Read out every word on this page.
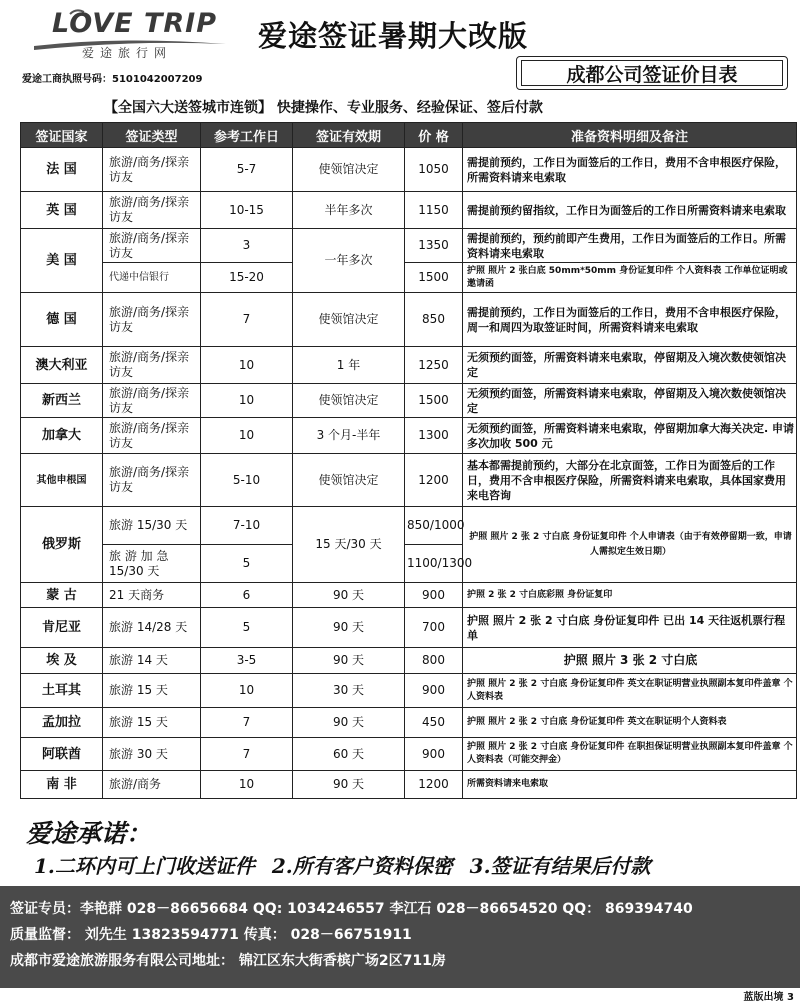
LOVE TRIP
爱途旅行网
爱途工商执照号码：5101042007209
爱途签证暑期大改版
成都公司签证价目表
【全国六大送签城市连锁】 快捷操作、专业服务、经验保证、签后付款
签证国家	签证类型	参考工作日	签证有效期	价 格	准备资料明细及备注
法 国	旅游/商务/探亲访友	5-7	使领馆决定	1050	需提前预约，工作日为面签后的工作日，费用不含申根医疗保险，所需资料请来电索取
英 国	旅游/商务/探亲访友	10-15	半年多次	1150	需提前预约留指纹，工作日为面签后的工作日所需资料请来电索取
美 国	旅游/商务/探亲访友	3	一年多次	1350	需提前预约，预约前即产生费用，工作日为面签后的工作日。所需资料请来电索取
	代递中信银行	15-20		1500	护照 照片 2 张白底 50mm*50mm 身份证复印件 个人资料表 工作单位证明或邀请函
德 国	旅游/商务/探亲访友	7	使领馆决定	850	需提前预约，工作日为面签后的工作日，费用不含申根医疗保险，周一和周四为取签证时间，所需资料请来电索取
澳大利亚	旅游/商务/探亲访友	10	1 年	1250	无须预约面签，所需资料请来电索取，停留期及入境次数使领馆决定
新西兰	旅游/商务/探亲访友	10	使领馆决定	1500	无须预约面签，所需资料请来电索取，停留期及入境次数使领馆决定
加拿大	旅游/商务/探亲访友	10	3 个月-半年	1300	无须预约面签，所需资料请来电索取，停留期加拿大海关决定. 申请多次加收 500 元
其他申根国	旅游/商务/探亲访友	5-10	使领馆决定	1200	基本都需提前预约，大部分在北京面签，工作日为面签后的工作日，费用不含申根医疗保险，所需资料请来电索取，具体国家费用来电咨询
俄罗斯	旅游 15/30 天	7-10	15 天/30 天	850/1000	护照 照片 2 张 2 寸白底 身份证复印件 个人申请表（由于有效停留期一致，申请人需拟定生效日期）
	旅 游 加 急 15/30 天	5		1100/1300	
蒙 古	21 天商务	6	90 天	900	护照 2 张 2 寸白底彩照 身份证复印
肯尼亚	旅游 14/28 天	5	90 天	700	护照 照片 2 张 2 寸白底 身份证复印件 已出 14 天往返机票行程单
埃 及	旅游 14 天	3-5	90 天	800	护照 照片 3 张 2 寸白底
土耳其	旅游 15 天	10	30 天	900	护照 照片 2 张 2 寸白底 身份证复印件 英文在职证明营业执照副本复印件盖章 个人资料表
孟加拉	旅游 15 天	7	90 天	450	护照 照片 2 张 2 寸白底 身份证复印件 英文在职证明个人资料表
阿联酋	旅游 30 天	7	60 天	900	护照 照片 2 张 2 寸白底 身份证复印件 在职担保证明营业执照副本复印件盖章 个人资料表（可能交押金）
南 非	旅游/商务	10	90 天	1200	所需资料请来电索取
爱途承诺：
1.二环内可上门收送证件 2.所有客户资料保密 3.签证有结果后付款
签证专员：李艳群 028－86656684 QQ: 1034246557 李江石 028－86654520 QQ： 869394740
质量监督： 刘先生 13823594771 传真： 028－66751911
成都市爱途旅游服务有限公司地址： 锦江区东大街香槟广场2区711房
蓝版出境 3
